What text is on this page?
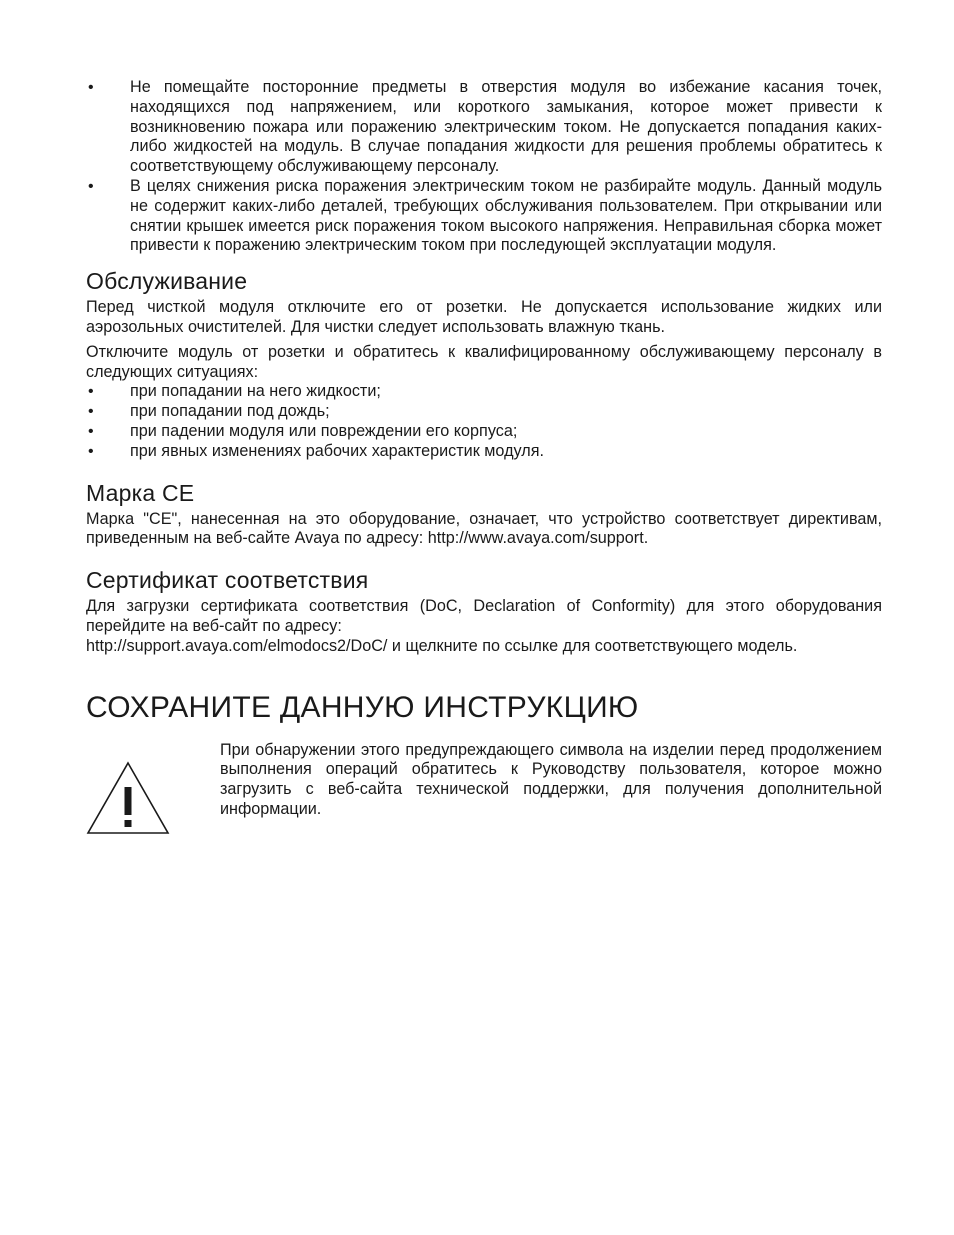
• Не помещайте посторонние предметы в отверстия модуля во избежание касания точек, находящихся под напряжением, или короткого замыкания, которое может привести к возникновению пожара или поражению электрическим током. Не допускается попадания каких-либо жидкостей на модуль. В случае попадания жидкости для решения проблемы обратитесь к соответствующему обслуживающему персоналу.
• В целях снижения риска поражения электрическим током не разбирайте модуль. Данный модуль не содержит каких-либо деталей, требующих обслуживания пользователем. При открывании или снятии крышек имеется риск поражения током высокого напряжения. Неправильная сборка может привести к поражению электрическим током при последующей эксплуатации модуля.
Обслуживание

Перед чисткой модуля отключите его от розетки. Не допускается использование жидких или аэрозольных очистителей. Для чистки следует использовать влажную ткань.

Отключите модуль от розетки и обратитесь к квалифицированному обслуживающему персоналу в следующих ситуациях:

• при попадании на него жидкости;
• при попадании под дождь;
• при падении модуля или повреждении его корпуса;
• при явных изменениях рабочих характеристик модуля.
Марка CE

Марка "CE", нанесенная на это оборудование, означает, что устройство соответствует директивам, приведенным на веб-сайте Avaya по адресу: http://www.avaya.com/support.

Сертификат соответствия

Для загрузки сертификата соответствия (DoC, Declaration of Conformity) для этого оборудования перейдите на веб-сайт по адресу:

http://support.avaya.com/elmodocs2/DoC/ и щелкните по ссылке для соответствующего модель.

СОХРАНИТЕ ДАННУЮ ИНСТРУКЦИЮ

При обнаружении этого предупреждающего символа на изделии перед продолжением выполнения операций обратитесь к Руководству пользователя, которое можно загрузить с веб-сайта технической поддержки, для получения дополнительной информации.
